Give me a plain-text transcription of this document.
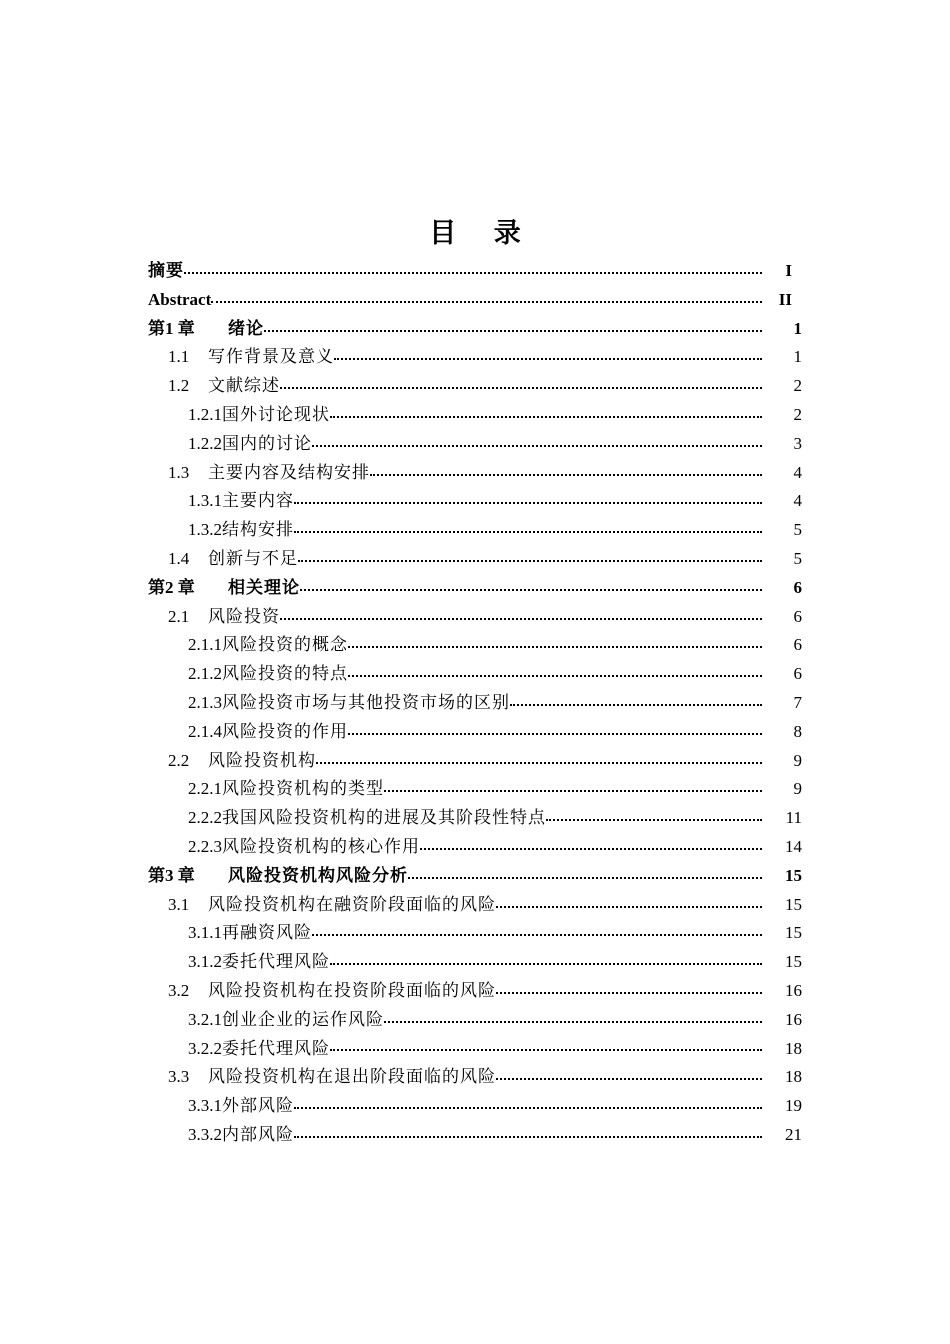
目 录
摘要	I
Abstract	II
第1 章	绪论	1
1.1	写作背景及意义	1
1.2	文献综述	2
1.2.1 国外讨论现状	2
1.2.2 国内的讨论	3
1.3	主要内容及结构安排	4
1.3.1 主要内容	4
1.3.2 结构安排	5
1.4	创新与不足	5
第2 章	相关理论	6
2.1	风险投资	6
2.1.1 风险投资的概念	6
2.1.2 风险投资的特点	6
2.1.3 风险投资市场与其他投资市场的区别	7
2.1.4 风险投资的作用	8
2.2	风险投资机构	9
2.2.1 风险投资机构的类型	9
2.2.2 我国风险投资机构的进展及其阶段性特点	11
2.2.3 风险投资机构的核心作用	14
第3 章	风险投资机构风险分析	15
3.1	风险投资机构在融资阶段面临的风险	15
3.1.1 再融资风险	15
3.1.2 委托代理风险	15
3.2	风险投资机构在投资阶段面临的风险	16
3.2.1 创业企业的运作风险	16
3.2.2 委托代理风险	18
3.3	风险投资机构在退出阶段面临的风险	18
3.3.1 外部风险	19
3.3.2 内部风险	21
